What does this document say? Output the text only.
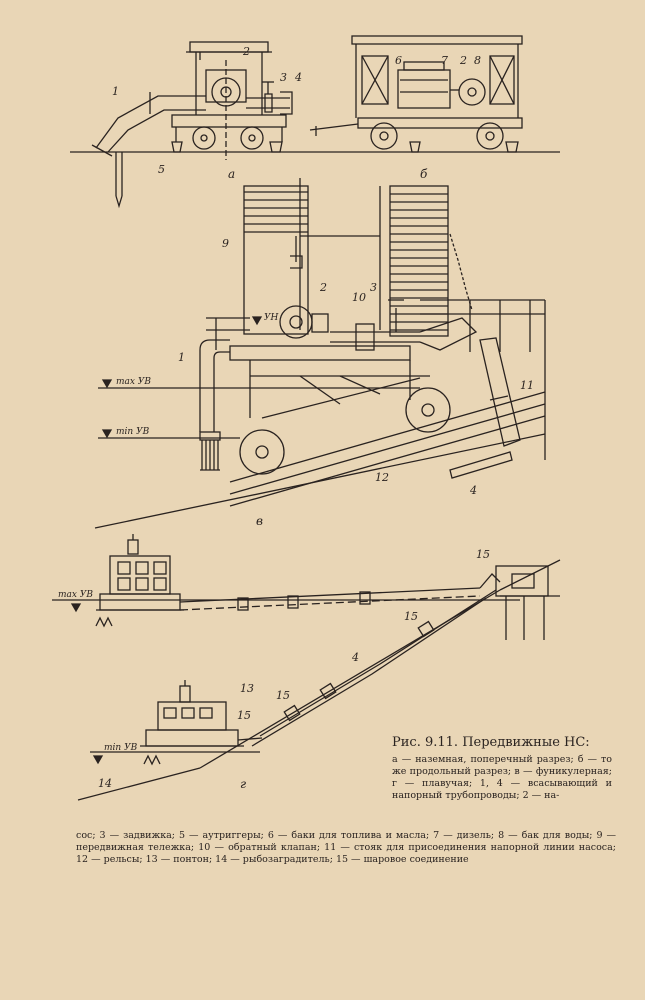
а	б
в
г
1
2
3 4
5
6	7 2 8
9
2
10
3
1
11
12
4
max УВ
min УВ
УН
max УВ
min УВ
15
15
4
13
15
15
14
Рис. 9.11. Передвижные НС:
а — наземная, поперечный разрез; б — то же продольный разрез; в — фуникулерная; г — плавучая; 1, 4 — всасывающий и напорный трубопроводы; 2 — на-
сос; 3 — задвижка; 5 — аутриггеры; 6 — баки для топлива и масла; 7 — дизель; 8 — бак для воды; 9 — передвижная тележка; 10 — обратный клапан; 11 — стояк для присоединения напорной линии насоса; 12 — рельсы; 13 — понтон; 14 — рыбозаградитель; 15 — шаровое соединение
